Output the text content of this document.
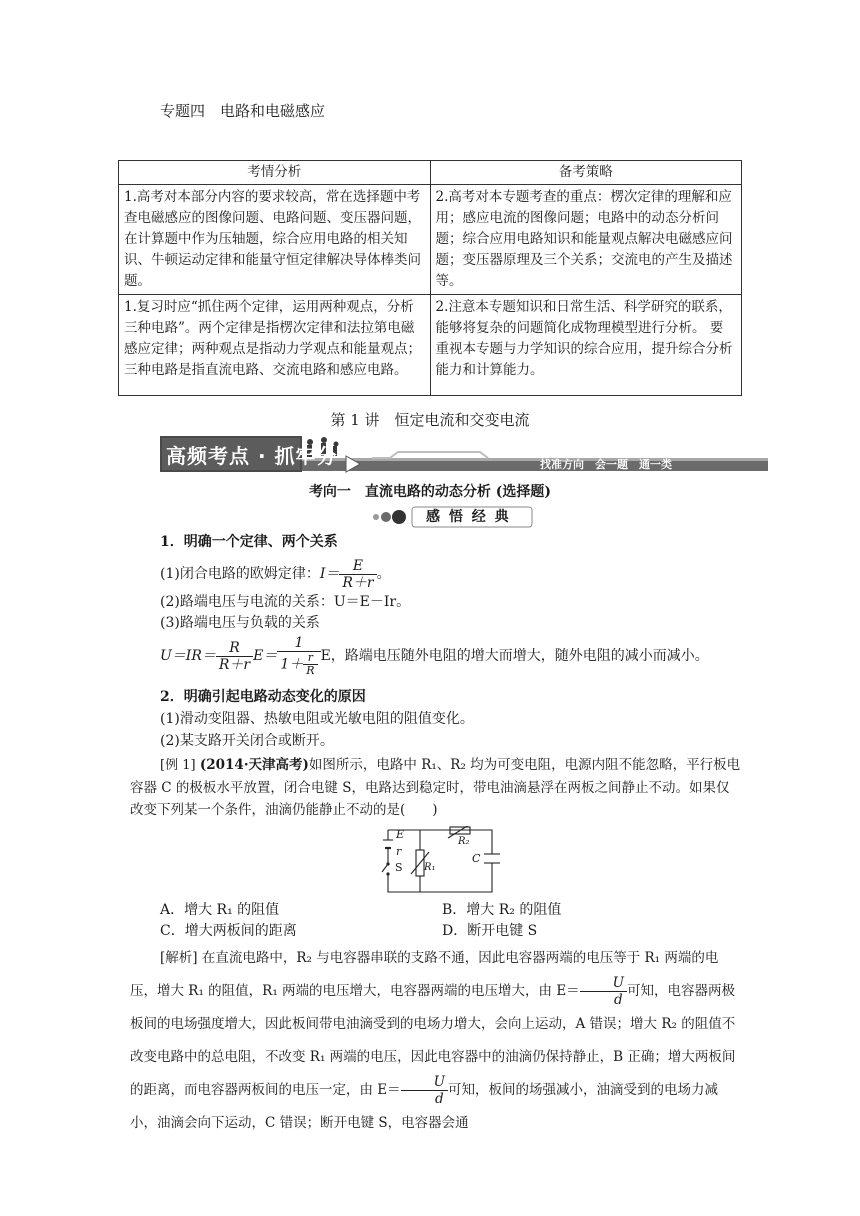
专题四　电路和电磁感应
考情分析	备考策略
1.高考对本部分内容的要求较高，常在选择题中考查电磁感应的图像问题、电路问题、变压器问题，在计算题中作为压轴题，综合应用电路的相关知识、牛顿运动定律和能量守恒定律解决导体棒类问题。	2.高考对本专题考查的重点：楞次定律的理解和应用；感应电流的图像问题；电路中的动态分析问题；综合应用电路知识和能量观点解决电磁感应问题；变压器原理及三个关系；交流电的产生及描述等。
1.复习时应“抓住两个定律，运用两种观点，分析三种电路”。两个定律是指楞次定律和法拉第电磁感应定律；两种观点是指动力学观点和能量观点；三种电路是指直流电路、交流电路和感应电路。	2.注意本专题知识和日常生活、科学研究的联系，能够将复杂的问题简化成物理模型进行分析。 要重视本专题与力学知识的综合应用，提升综合分析能力和计算能力。
第 1 讲　恒定电流和交变电流
高频考点 · 抓牢分	找准方向　会一题　通一类
考向一　直流电路的动态分析 (选择题)
感 悟 经 典
1．明确一个定律、两个关系
(1)闭合电路的欧姆定律：$I= \frac{E}{R+r}$ 。
(2)路端电压与电流的关系：U＝E－Ir。
(3)路端电压与负载的关系
$U=IR= \frac{R}{R+r} E= \frac{1}{1+ \frac{r}{R}}$ E，路端电压随外电阻的增大而增大，随外电阻的减小而减小。
2．明确引起电路动态变化的原因
(1)滑动变阻器、热敏电阻或光敏电阻的阻值变化。
(2)某支路开关闭合或断开。
[例 1] (2014·天津高考)如图所示，电路中 R₁、R₂ 均为可变电阻，电源内阻不能忽略，平行板电容器 C 的极板水平放置，闭合电键 S，电路达到稳定时，带电油滴悬浮在两板之间静止不动。如果仅改变下列某一个条件，油滴仍能静止不动的是(　　)
E
r
S R₁
R₂
C
A．增大 R₁ 的阻值	B．增大 R₂ 的阻值
C．增大两板间的距离	D．断开电键 S
[解析] 在直流电路中，R₂ 与电容器串联的支路不通，因此电容器两端的电压等于 R₁ 两端的电压，增大 R₁ 的阻值，R₁ 两端的电压增大，电容器两端的电压增大，由 $E= \frac{U}{d}$ 可知，电容器两极板间的电场强度增大，因此板间带电油滴受到的电场力增大，会向上运动，A 错误；增大 R₂ 的阻值不改变电路中的总电阻，不改变 R₁ 两端的电压，因此电容器中的油滴仍保持静止，B 正确；增大两板间的距离，而电容器两板间的电压一定，由 $E= \frac{U}{d}$ 可知，板间的场强减小，油滴受到的电场力减小，油滴会向下运动，C 错误；断开电键 S，电容器会通
